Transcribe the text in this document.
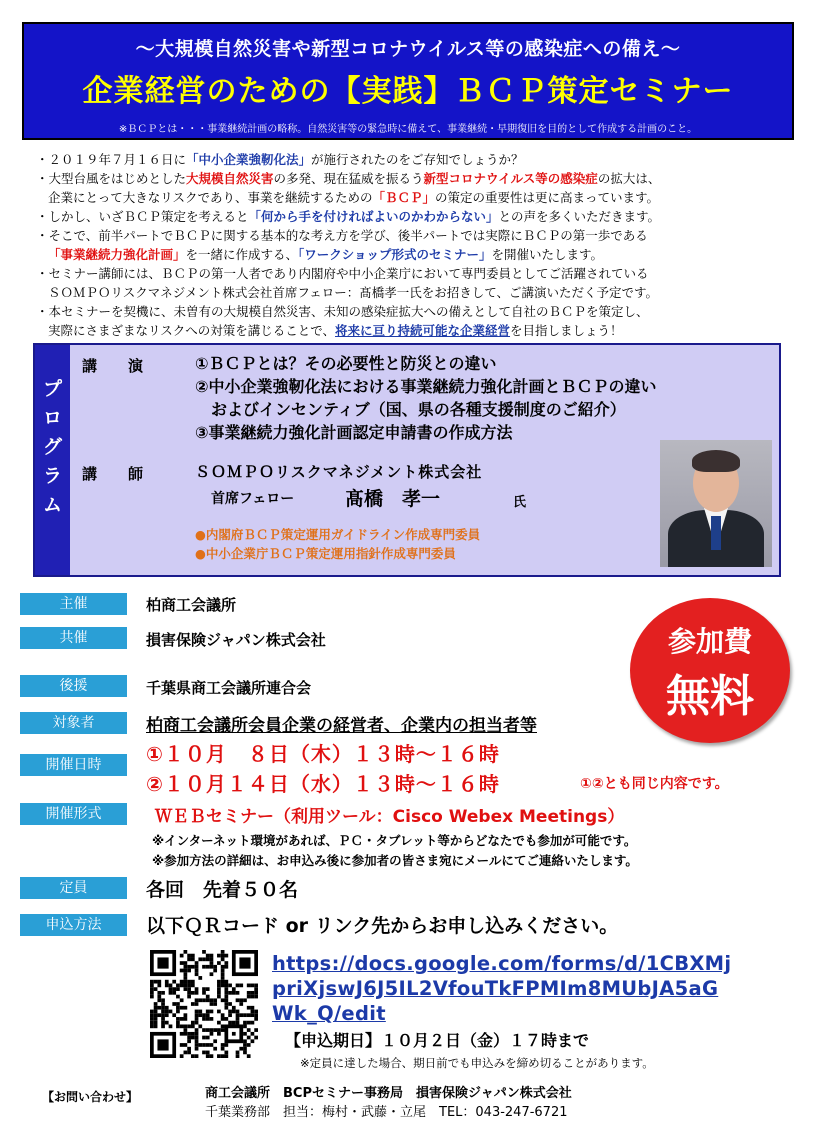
～大規模自然災害や新型コロナウイルス等の感染症への備え～
企業経営のための【実践】ＢＣＰ策定セミナー
※ＢＣＰとは・・・事業継続計画の略称。自然災害等の緊急時に備えて、事業継続・早期復旧を目的として作成する計画のこと。
・２０１９年７月１６日に「中小企業強靭化法」が施行されたのをご存知でしょうか？
・大型台風をはじめとした大規模自然災害の多発、現在猛威を振るう新型コロナウイルス等の感染症の拡大は、
企業にとって大きなリスクであり、事業を継続するための「ＢＣＰ」の策定の重要性は更に高まっています。
・しかし、いざＢＣＰ策定を考えると「何から手を付ければよいのかわからない」との声を多くいただきます。
・そこで、前半パートでＢＣＰに関する基本的な考え方を学び、後半パートでは実際にＢＣＰの第一歩である
「事業継続力強化計画」を一緒に作成する、「ワークショップ形式のセミナー」を開催いたします。
・セミナー講師には、ＢＣＰの第一人者であり内閣府や中小企業庁において専門委員としてご活躍されている
ＳＯＭＰＯリスクマネジメント株式会社首席フェロー：髙橋孝一氏をお招きして、ご講演いただく予定です。
・本セミナーを契機に、未曽有の大規模自然災害、未知の感染症拡大への備えとして自社のＢＣＰを策定し、
実際にさまざまなリスクへの対策を講じることで、将来に亘り持続可能な企業経営を目指しましょう！
プ
ロ
グ
ラ
ム
講　演	①ＢＣＰとは？その必要性と防災との違い
②中小企業強靭化法における事業継続力強化計画とＢＣＰの違い
　およびインセンティブ（国、県の各種支援制度のご紹介）
③事業継続力強化計画認定申請書の作成方法
講　師	ＳＯＭＰＯリスクマネジメント株式会社
首席フェロー	髙橋　孝一	氏
●内閣府ＢＣＰ策定運用ガイドライン作成専門委員
●中小企業庁ＢＣＰ策定運用指針作成専門委員
主催	柏商工会議所
共催	損害保険ジャパン株式会社
後援	千葉県商工会議所連合会
対象者	柏商工会議所会員企業の経営者、企業内の担当者等
開催日時	①１０月　８日（木）１３時～１６時
②１０月１４日（水）１３時～１６時	①②とも同じ内容です。
開催形式	ＷＥＢセミナー（利用ツール：Cisco Webex Meetings）
※インターネット環境があれば、ＰＣ・タブレット等からどなたでも参加が可能です。
※参加方法の詳細は、お申込み後に参加者の皆さま宛にメールにてご連絡いたします。
定員	各回　先着５０名
申込方法	以下ＱＲコード or リンク先からお申し込みください。
参加費
無料
https://docs.google.com/forms/d/1CBXMj
priXjswJ6J5IL2VfouTkFPMIm8MUbJA5aG
Wk_Q/edit
【申込期日】１０月２日（金）１７時まで
※定員に達した場合、期日前でも申込みを締め切ることがあります。
【お問い合わせ】	商工会議所　BCPセミナー事務局　損害保険ジャパン株式会社
千葉業務部　担当：梅村・武藤・立尾　TEL：043-247-6721
